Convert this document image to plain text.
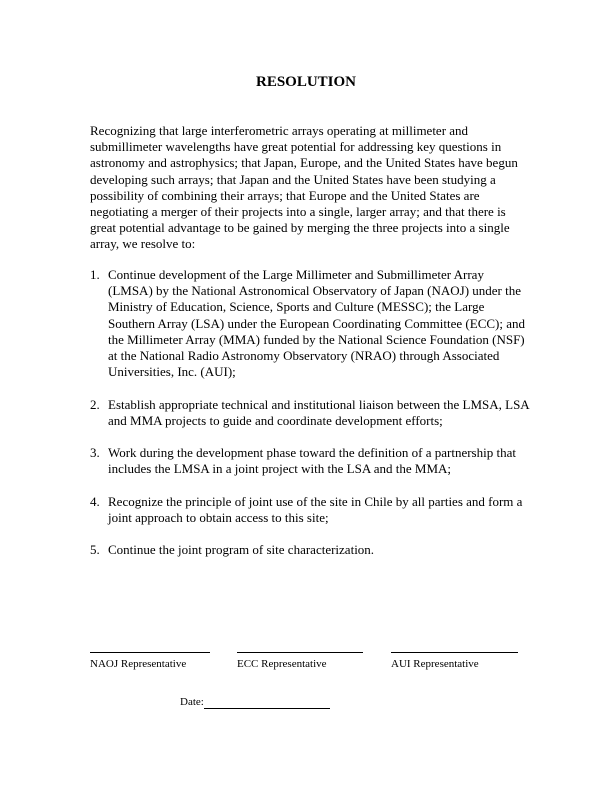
RESOLUTION

Recognizing that large interferometric arrays operating at millimeter and submillimeter wavelengths have great potential for addressing key questions in astronomy and astrophysics; that Japan, Europe, and the United States have begun developing such arrays; that Japan and the United States have been studying a possibility of combining their arrays; that Europe and the United States are negotiating a merger of their projects into a single, larger array; and that there is great potential advantage to be gained by merging the three projects into a single array, we resolve to:

1. Continue development of the Large Millimeter and Submillimeter Array (LMSA) by the National Astronomical Observatory of Japan (NAOJ) under the Ministry of Education, Science, Sports and Culture (MESSC); the Large Southern Array (LSA) under the European Coordinating Committee (ECC); and the Millimeter Array (MMA) funded by the National Science Foundation (NSF) at the National Radio Astronomy Observatory (NRAO) through Associated Universities, Inc. (AUI);
2. Establish appropriate technical and institutional liaison between the LMSA, LSA and MMA projects to guide and coordinate development efforts;
3. Work during the development phase toward the definition of a partnership that includes the LMSA in a joint project with the LSA and the MMA;
4. Recognize the principle of joint use of the site in Chile by all parties and form a joint approach to obtain access to this site;
5. Continue the joint program of site characterization.
NAOJ Representative	ECC Representative	AUI Representative
Date:
